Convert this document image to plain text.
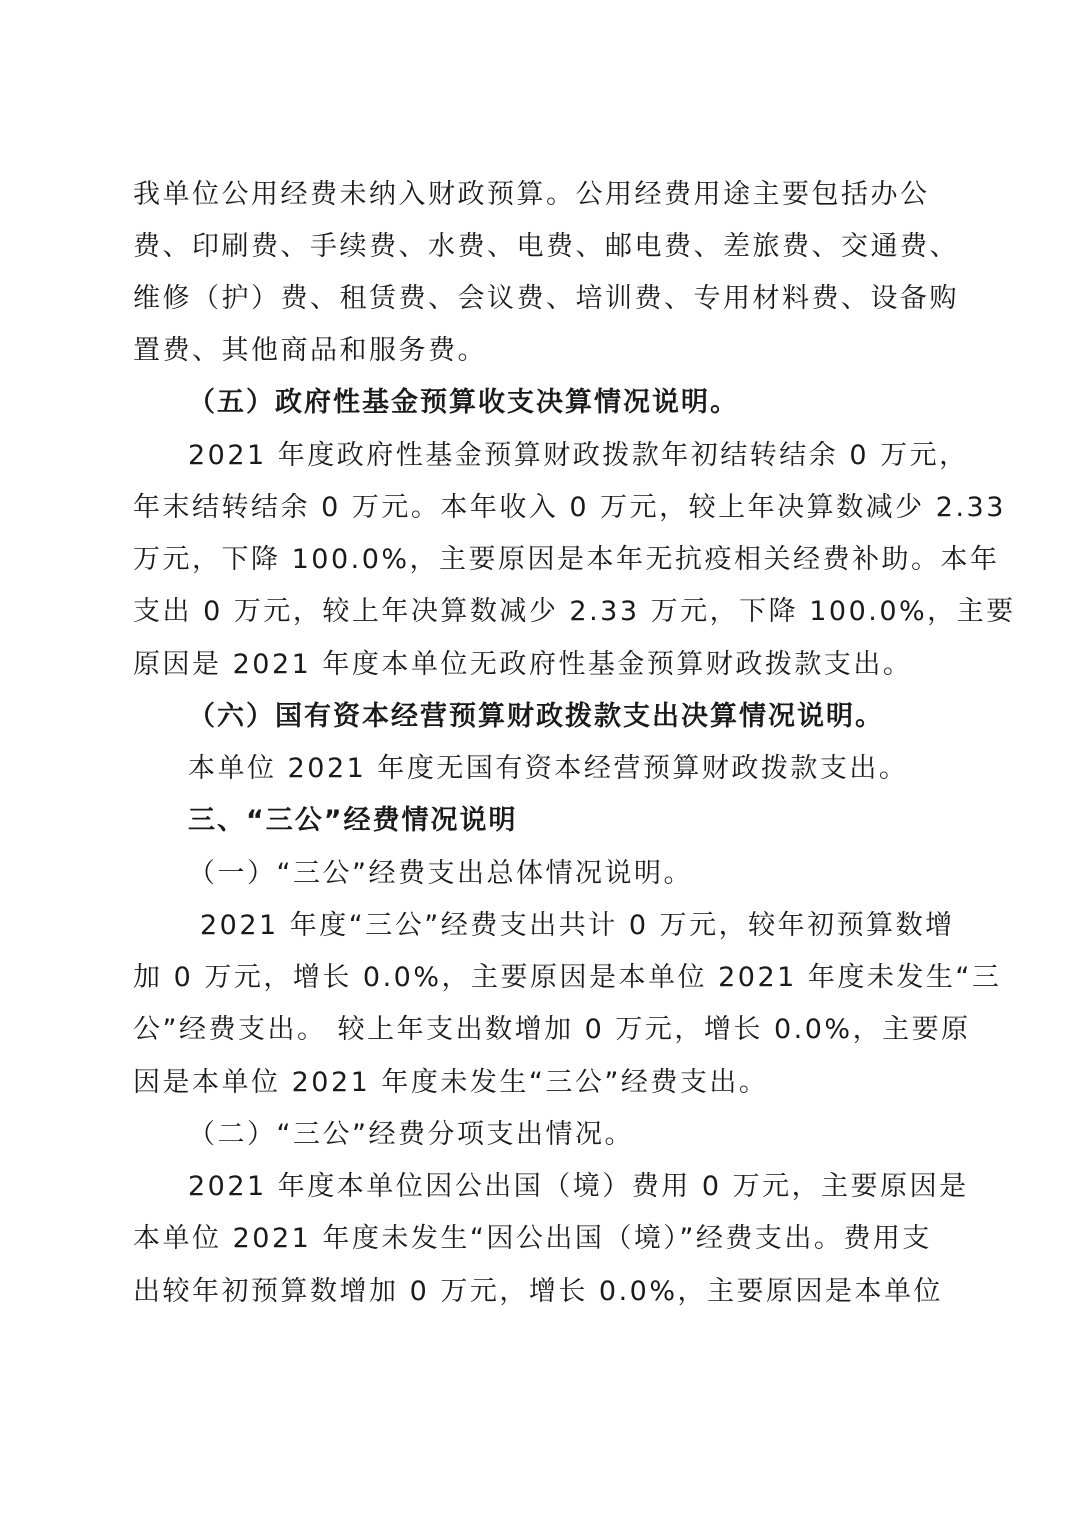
我单位公用经费未纳入财政预算。公用经费用途主要包括办公
费、印刷费、手续费、水费、电费、邮电费、差旅费、交通费、
维修（护）费、租赁费、会议费、培训费、专用材料费、设备购
置费、其他商品和服务费。
（五）政府性基金预算收支决算情况说明。
2021 年度政府性基金预算财政拨款年初结转结余 0 万元，
年末结转结余 0 万元。本年收入 0 万元，较上年决算数减少 2.33
万元，下降 100.0%，主要原因是本年无抗疫相关经费补助。本年
支出 0 万元，较上年决算数减少 2.33 万元，下降 100.0%，主要
原因是 2021 年度本单位无政府性基金预算财政拨款支出。
（六）国有资本经营预算财政拨款支出决算情况说明。
本单位 2021 年度无国有资本经营预算财政拨款支出。
三、“三公”经费情况说明
（一）“三公”经费支出总体情况说明。
2021 年度“三公”经费支出共计 0 万元，较年初预算数增
加 0 万元，增长 0.0%，主要原因是本单位 2021 年度未发生“三
公”经费支出。 较上年支出数增加 0 万元，增长 0.0%，主要原
因是本单位 2021 年度未发生“三公”经费支出。
（二）“三公”经费分项支出情况。
2021 年度本单位因公出国（境）费用 0 万元，主要原因是
本单位 2021 年度未发生“因公出国（境）”经费支出。费用支
出较年初预算数增加 0 万元，增长 0.0%，主要原因是本单位
